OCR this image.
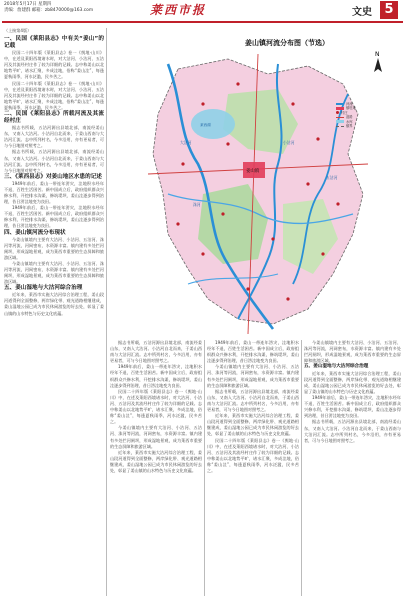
2018年5月17日 星期四
责编：詹建群 邮箱：zb8470000@163.com	莱西市报	文史 5
（上接第4版）
一、民国《莱阳县志》中有关“姜山”的记载

民国二十四年版《莱阳县志》卷一《舆地·山川》中，在述及莱阳西境诸水时，对大沽河、小沽河、五沽河及其流经村庄作了较为详细的记载。志中称姜山以北地势平旷，诸水汇聚，多成洼地，俗称“姜山洼”，每逢夏秋雨季，河水泛滥，民多苦之。

民国二十四年版《莱阳县志》卷一《舆地·山川》中，在述及莱阳西境诸水时，对大沽河、小沽河、五沽河及其流经村庄作了较为详细的记载。志中称姜山以北地势平旷，诸水汇聚，多成洼地，俗称“姜山洼”，每逢夏秋雨季，河水泛滥，民多苦之。

二、民国《莱阳县志》所载河流及其流经村庄

据志书所载，五沽河源出县境北部，南流经姜山东，又南入大沽河。小沽河自北而来，于姜山西南与大沽河汇流。志中所列村名，今多沿用，亦有更易者，可与今日地图对照考之。

据志书所载，五沽河源出县境北部，南流经姜山东，又南入大沽河。小沽河自北而来，于姜山西南与大沽河汇流。志中所列村名，今多沿用，亦有更易者，可与今日地图对照考之。

三、《莱西县志》对姜山地区水患的记述

1949年前后，姜山一带连年涝灾，洼地积水经年不退，百姓生活困苦。新中国成立后，政府组织群众兴修水利，开挖排水沟渠，修筑堤坝，姜山洼逐步得到治理，昔日涝洼地变为良田。

1949年前后，姜山一带连年涝灾，洼地积水经年不退，百姓生活困苦。新中国成立后，政府组织群众兴修水利，开挖排水沟渠，修筑堤坝，姜山洼逐步得到治理，昔日涝洼地变为良田。

四、姜山镇河流分布现状

今姜山镇境内主要有大沽河、小沽河、五沽河、洙河等河流，河网密布，水资源丰富。镇内建有多处拦河闸坝，形成湿地景观，成为莱西市重要的生态屏障和旅游区域。

今姜山镇境内主要有大沽河、小沽河、五沽河、洙河等河流，河网密布，水资源丰富。镇内建有多处拦河闸坝，形成湿地景观，成为莱西市重要的生态屏障和旅游区域。

五、姜山湿地与大沽河综合治理

近年来，莱西市实施大沽河综合治理工程，姜山段河道得到全面整修，两岸绿化带、观光道路相继建成，姜山湿地公园已成为市民休闲游览的好去处，彰显了姜山镇的山水特色与历史文化底蕴。

N
姜山镇
大沽河	小沽河
五沽河
洙河
莱西湖
姜山镇河流分布图（节选）
河流
镇驻地
村庄
道路
水库
镇界

据志书所载，五沽河源出县境北部，南流经姜山东，又南入大沽河。小沽河自北而来，于姜山西南与大沽河汇流。志中所列村名，今多沿用，亦有更易者，可与今日地图对照考之。

1949年前后，姜山一带连年涝灾，洼地积水经年不退，百姓生活困苦。新中国成立后，政府组织群众兴修水利，开挖排水沟渠，修筑堤坝，姜山洼逐步得到治理，昔日涝洼地变为良田。

民国二十四年版《莱阳县志》卷一《舆地·山川》中，在述及莱阳西境诸水时，对大沽河、小沽河、五沽河及其流经村庄作了较为详细的记载。志中称姜山以北地势平旷，诸水汇聚，多成洼地，俗称“姜山洼”，每逢夏秋雨季，河水泛滥，民多苦之。

今姜山镇境内主要有大沽河、小沽河、五沽河、洙河等河流，河网密布，水资源丰富。镇内建有多处拦河闸坝，形成湿地景观，成为莱西市重要的生态屏障和旅游区域。

近年来，莱西市实施大沽河综合治理工程，姜山段河道得到全面整修，两岸绿化带、观光道路相继建成，姜山湿地公园已成为市民休闲游览的好去处，彰显了姜山镇的山水特色与历史文化底蕴。

1949年前后，姜山一带连年涝灾，洼地积水经年不退，百姓生活困苦。新中国成立后，政府组织群众兴修水利，开挖排水沟渠，修筑堤坝，姜山洼逐步得到治理，昔日涝洼地变为良田。

今姜山镇境内主要有大沽河、小沽河、五沽河、洙河等河流，河网密布，水资源丰富。镇内建有多处拦河闸坝，形成湿地景观，成为莱西市重要的生态屏障和旅游区域。

据志书所载，五沽河源出县境北部，南流经姜山东，又南入大沽河。小沽河自北而来，于姜山西南与大沽河汇流。志中所列村名，今多沿用，亦有更易者，可与今日地图对照考之。

近年来，莱西市实施大沽河综合治理工程，姜山段河道得到全面整修，两岸绿化带、观光道路相继建成，姜山湿地公园已成为市民休闲游览的好去处，彰显了姜山镇的山水特色与历史文化底蕴。

民国二十四年版《莱阳县志》卷一《舆地·山川》中，在述及莱阳西境诸水时，对大沽河、小沽河、五沽河及其流经村庄作了较为详细的记载。志中称姜山以北地势平旷，诸水汇聚，多成洼地，俗称“姜山洼”，每逢夏秋雨季，河水泛滥，民多苦之。

今姜山镇境内主要有大沽河、小沽河、五沽河、洙河等河流，河网密布，水资源丰富。镇内建有多处拦河闸坝，形成湿地景观，成为莱西市重要的生态屏障和旅游区域。

五、姜山湿地与大沽河综合治理

近年来，莱西市实施大沽河综合治理工程，姜山段河道得到全面整修，两岸绿化带、观光道路相继建成，姜山湿地公园已成为市民休闲游览的好去处，彰显了姜山镇的山水特色与历史文化底蕴。

1949年前后，姜山一带连年涝灾，洼地积水经年不退，百姓生活困苦。新中国成立后，政府组织群众兴修水利，开挖排水沟渠，修筑堤坝，姜山洼逐步得到治理，昔日涝洼地变为良田。

据志书所载，五沽河源出县境北部，南流经姜山东，又南入大沽河。小沽河自北而来，于姜山西南与大沽河汇流。志中所列村名，今多沿用，亦有更易者，可与今日地图对照考之。
